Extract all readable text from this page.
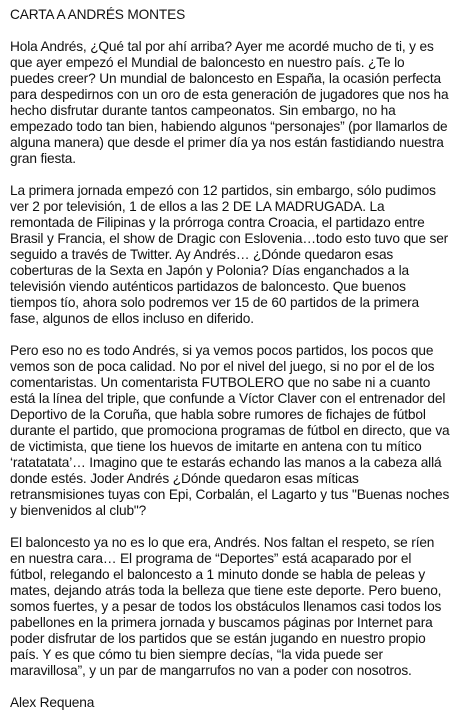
CARTA A ANDRÉS MONTES

Hola Andrés, ¿Qué tal por ahí arriba? Ayer me acordé mucho de ti, y es que ayer empezó el Mundial de baloncesto en nuestro país. ¿Te lo puedes creer? Un mundial de baloncesto en España, la ocasión perfecta para despedirnos con un oro de esta generación de jugadores que nos ha hecho disfrutar durante tantos campeonatos. Sin embargo, no ha empezado todo tan bien, habiendo algunos “personajes” (por llamarlos de alguna manera) que desde el primer día ya nos están fastidiando nuestra gran fiesta.

La primera jornada empezó con 12 partidos, sin embargo, sólo pudimos ver 2 por televisión, 1 de ellos a las 2 DE LA MADRUGADA. La remontada de Filipinas y la prórroga contra Croacia, el partidazo entre Brasil y Francia, el show de Dragic con Eslovenia…todo esto tuvo que ser seguido a través de Twitter. Ay Andrés… ¿Dónde quedaron esas coberturas de la Sexta en Japón y Polonia? Días enganchados a la televisión viendo auténticos partidazos de baloncesto. Que buenos tiempos tío, ahora solo podremos ver 15 de 60 partidos de la primera fase, algunos de ellos incluso en diferido.

Pero eso no es todo Andrés, si ya vemos pocos partidos, los pocos que vemos son de poca calidad. No por el nivel del juego, si no por el de los comentaristas. Un comentarista FUTBOLERO que no sabe ni a cuanto está la línea del triple, que confunde a Víctor Claver con el entrenador del Deportivo de la Coruña, que habla sobre rumores de fichajes de fútbol durante el partido, que promociona programas de fútbol en directo, que va de victimista, que tiene los huevos de imitarte en antena con tu mítico ‘ratatatata’… Imagino que te estarás echando las manos a la cabeza allá donde estés. Joder Andrés ¿Dónde quedaron esas míticas retransmisiones tuyas con Epi, Corbalán, el Lagarto y tus "Buenas noches y bienvenidos al club"?

El baloncesto ya no es lo que era, Andrés. Nos faltan el respeto, se ríen en nuestra cara… El programa de “Deportes” está acaparado por el fútbol, relegando el baloncesto a 1 minuto donde se habla de peleas y mates, dejando atrás toda la belleza que tiene este deporte. Pero bueno, somos fuertes, y a pesar de todos los obstáculos llenamos casi todos los pabellones en la primera jornada y buscamos páginas por Internet para poder disfrutar de los partidos que se están jugando en nuestro propio país. Y es que cómo tu bien siempre decías, “la vida puede ser maravillosa”, y un par de mangarrufos no van a poder con nosotros.

Alex Requena
